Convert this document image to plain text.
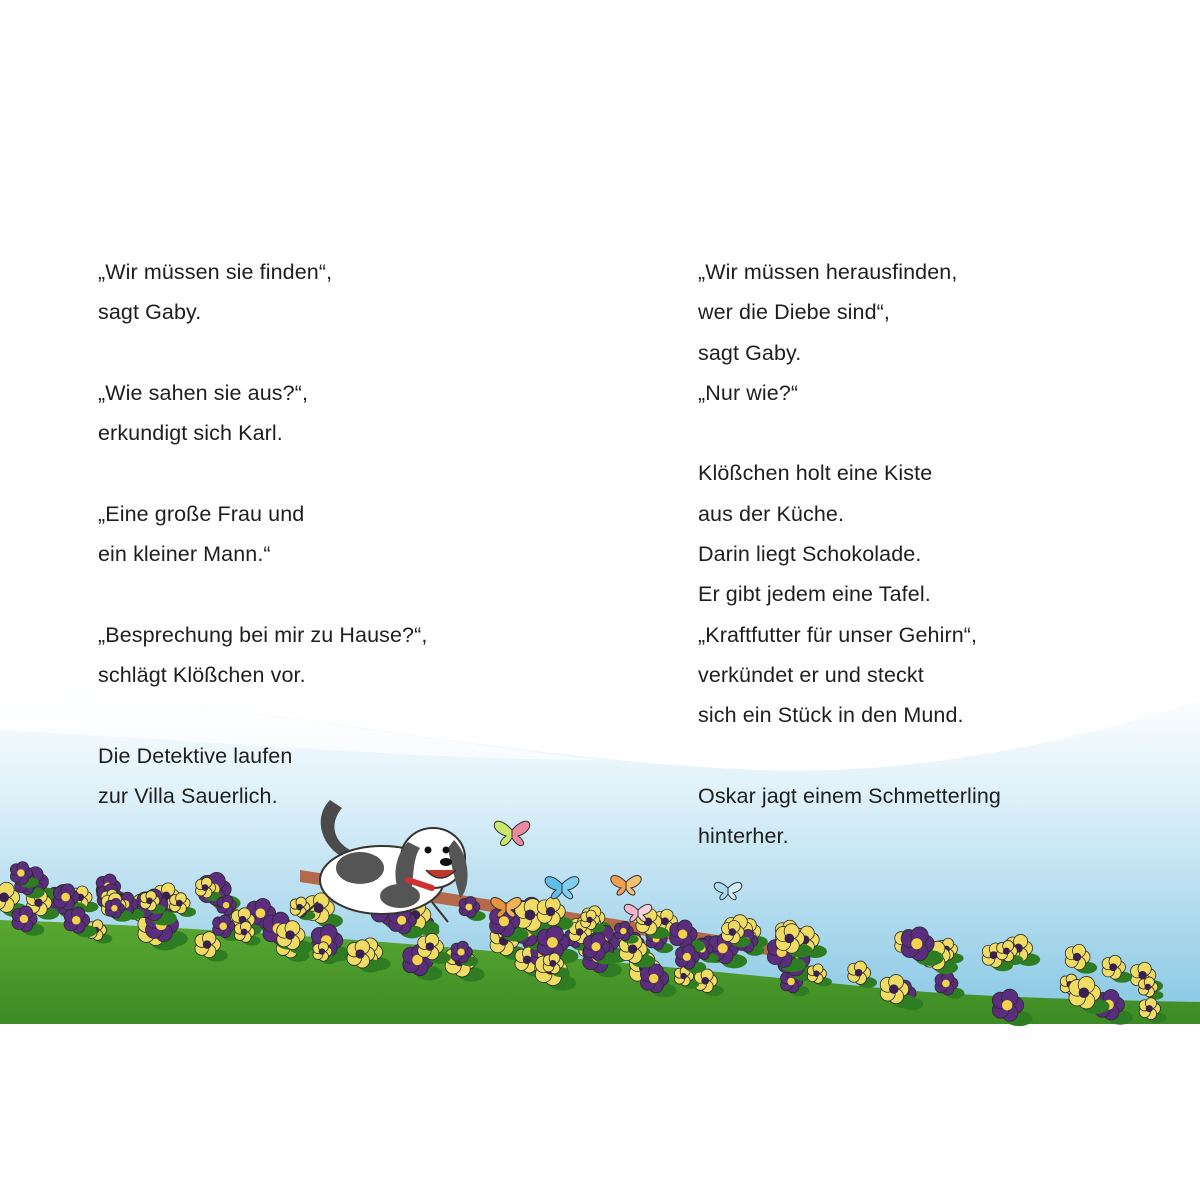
„Wir müssen sie finden“,
sagt Gaby.
„Wie sahen sie aus?“,
erkundigt sich Karl.
„Eine große Frau und
ein kleiner Mann.“
„Besprechung bei mir zu Hause?“,
schlägt Klößchen vor.
Die Detektive laufen
zur Villa Sauerlich.
„Wir müssen herausfinden,
wer die Diebe sind“,
sagt Gaby.
„Nur wie?“
Klößchen holt eine Kiste
aus der Küche.
Darin liegt Schokolade.
Er gibt jedem eine Tafel.
„Kraftfutter für unser Gehirn“,
verkündet er und steckt
sich ein Stück in den Mund.
Oskar jagt einem Schmetterling
hinterher.
